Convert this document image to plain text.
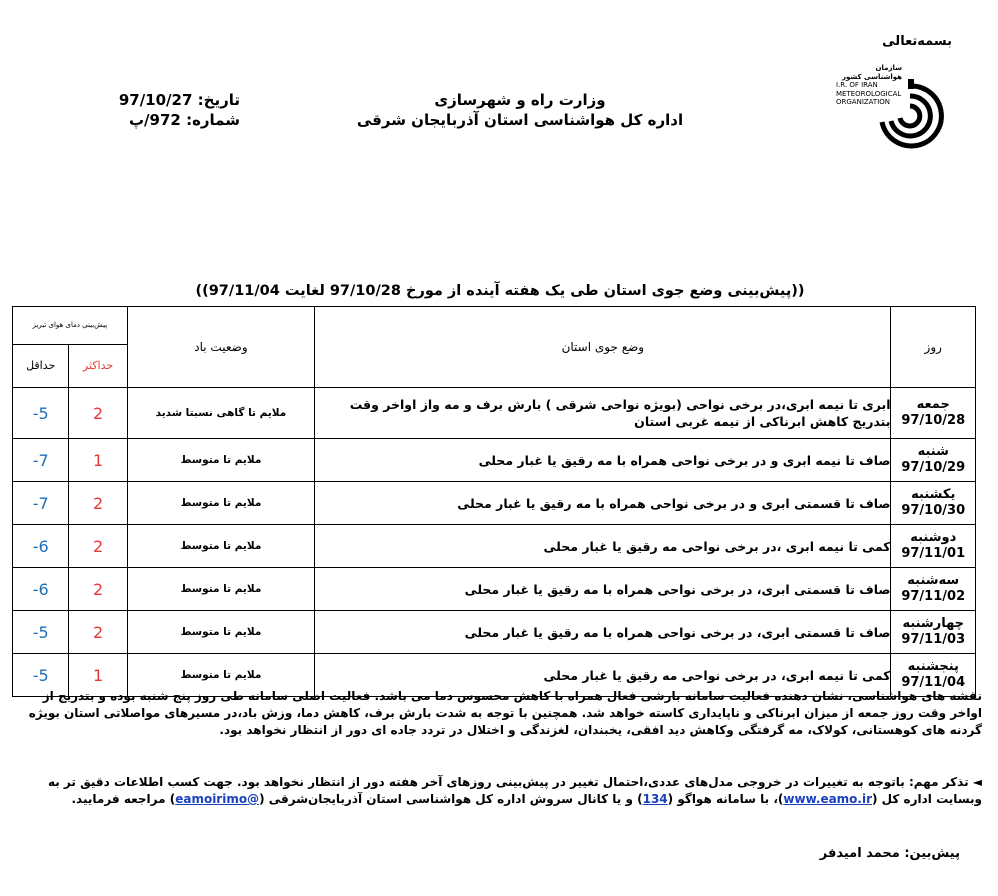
بسمه‌تعالی
سازمان هواشناسی کشور
I.R. OF IRAN
METEOROLOGICAL
ORGANIZATION
وزارت راه و شهرسازی
اداره کل هواشناسی استان آذربایجان شرقی
تاریخ: 97/10/27
شماره: 972/پ
((پیش‌بینی وضع جوی استان طی یک هفته آینده از مورخ 97/10/28 لغایت 97/11/04))
روز	وضع جوی استان	وضعیت باد	پیش‌بینی دمای هوای تبریز	
			حداکثر	حداقل

جمعه
97/10/28	ابری تا نیمه ابری،در برخی نواحی (بویژه نواحی شرقی ) بارش برف و مه واز اواخر وقت بتدریج کاهش ابرناکی از نیمه غربی استان	ملایم تا گاهی نسبتا شدید	2	-5

شنبه
97/10/29	صاف تا نیمه ابری و در برخی نواحی همراه با مه رقیق یا غبار محلی	ملایم تا متوسط	1	-7

یکشنبه
97/10/30	صاف تا قسمتی ابری و در برخی نواحی همراه با مه رقیق یا غبار محلی	ملایم تا متوسط	2	-7

دوشنبه
97/11/01	کمی تا نیمه ابری ،در برخی نواحی مه رقیق یا غبار محلی	ملایم تا متوسط	2	-6

سه‌شنبه
97/11/02	صاف تا قسمتی ابری، در برخی نواحی همراه با مه رقیق یا غبار محلی	ملایم تا متوسط	2	-6

چهارشنبه
97/11/03	صاف تا قسمتی ابری، در برخی نواحی همراه با مه رقیق یا غبار محلی	ملایم تا متوسط	2	-5

پنجشنبه
97/11/04	کمی تا نیمه ابری، در برخی نواحی مه رقیق یا غبار محلی	ملایم تا متوسط	1	-5
نقشه های هواشناسی، نشان دهنده فعالیت سامانه بارشی فعال همراه با کاهش محسوس دما می باشد. فعالیت اصلی سامانه طی روز پنج شنبه بوده و بتدریج از اواخر وقت روز جمعه از میزان ابرناکی و ناپایداری کاسته خواهد شد. همچنین با توجه به شدت بارش برف، کاهش دما، وزش باد،در مسیرهای مواصلاتی استان بویژه گردنه های کوهستانی، کولاک، مه گرفتگی وکاهش دید افقی، یخبندان، لغزندگی و اختلال در تردد جاده ای دور از انتظار نخواهد بود.
◄ تذکر مهم: باتوجه به تغییرات در خروجی مدل‌های عددی،احتمال تغییر در پیش‌بینی روزهای آخر هفته دور از انتظار نخواهد بود. جهت کسب اطلاعات دقیق تر به وبسایت اداره کل (www.eamo.ir)، با سامانه هواگو (134) و یا کانال سروش اداره کل هواشناسی استان آذربایجان‌شرقی (@eamoirimo) مراجعه فرمایید.
پیش‌بین: محمد امیدفر
